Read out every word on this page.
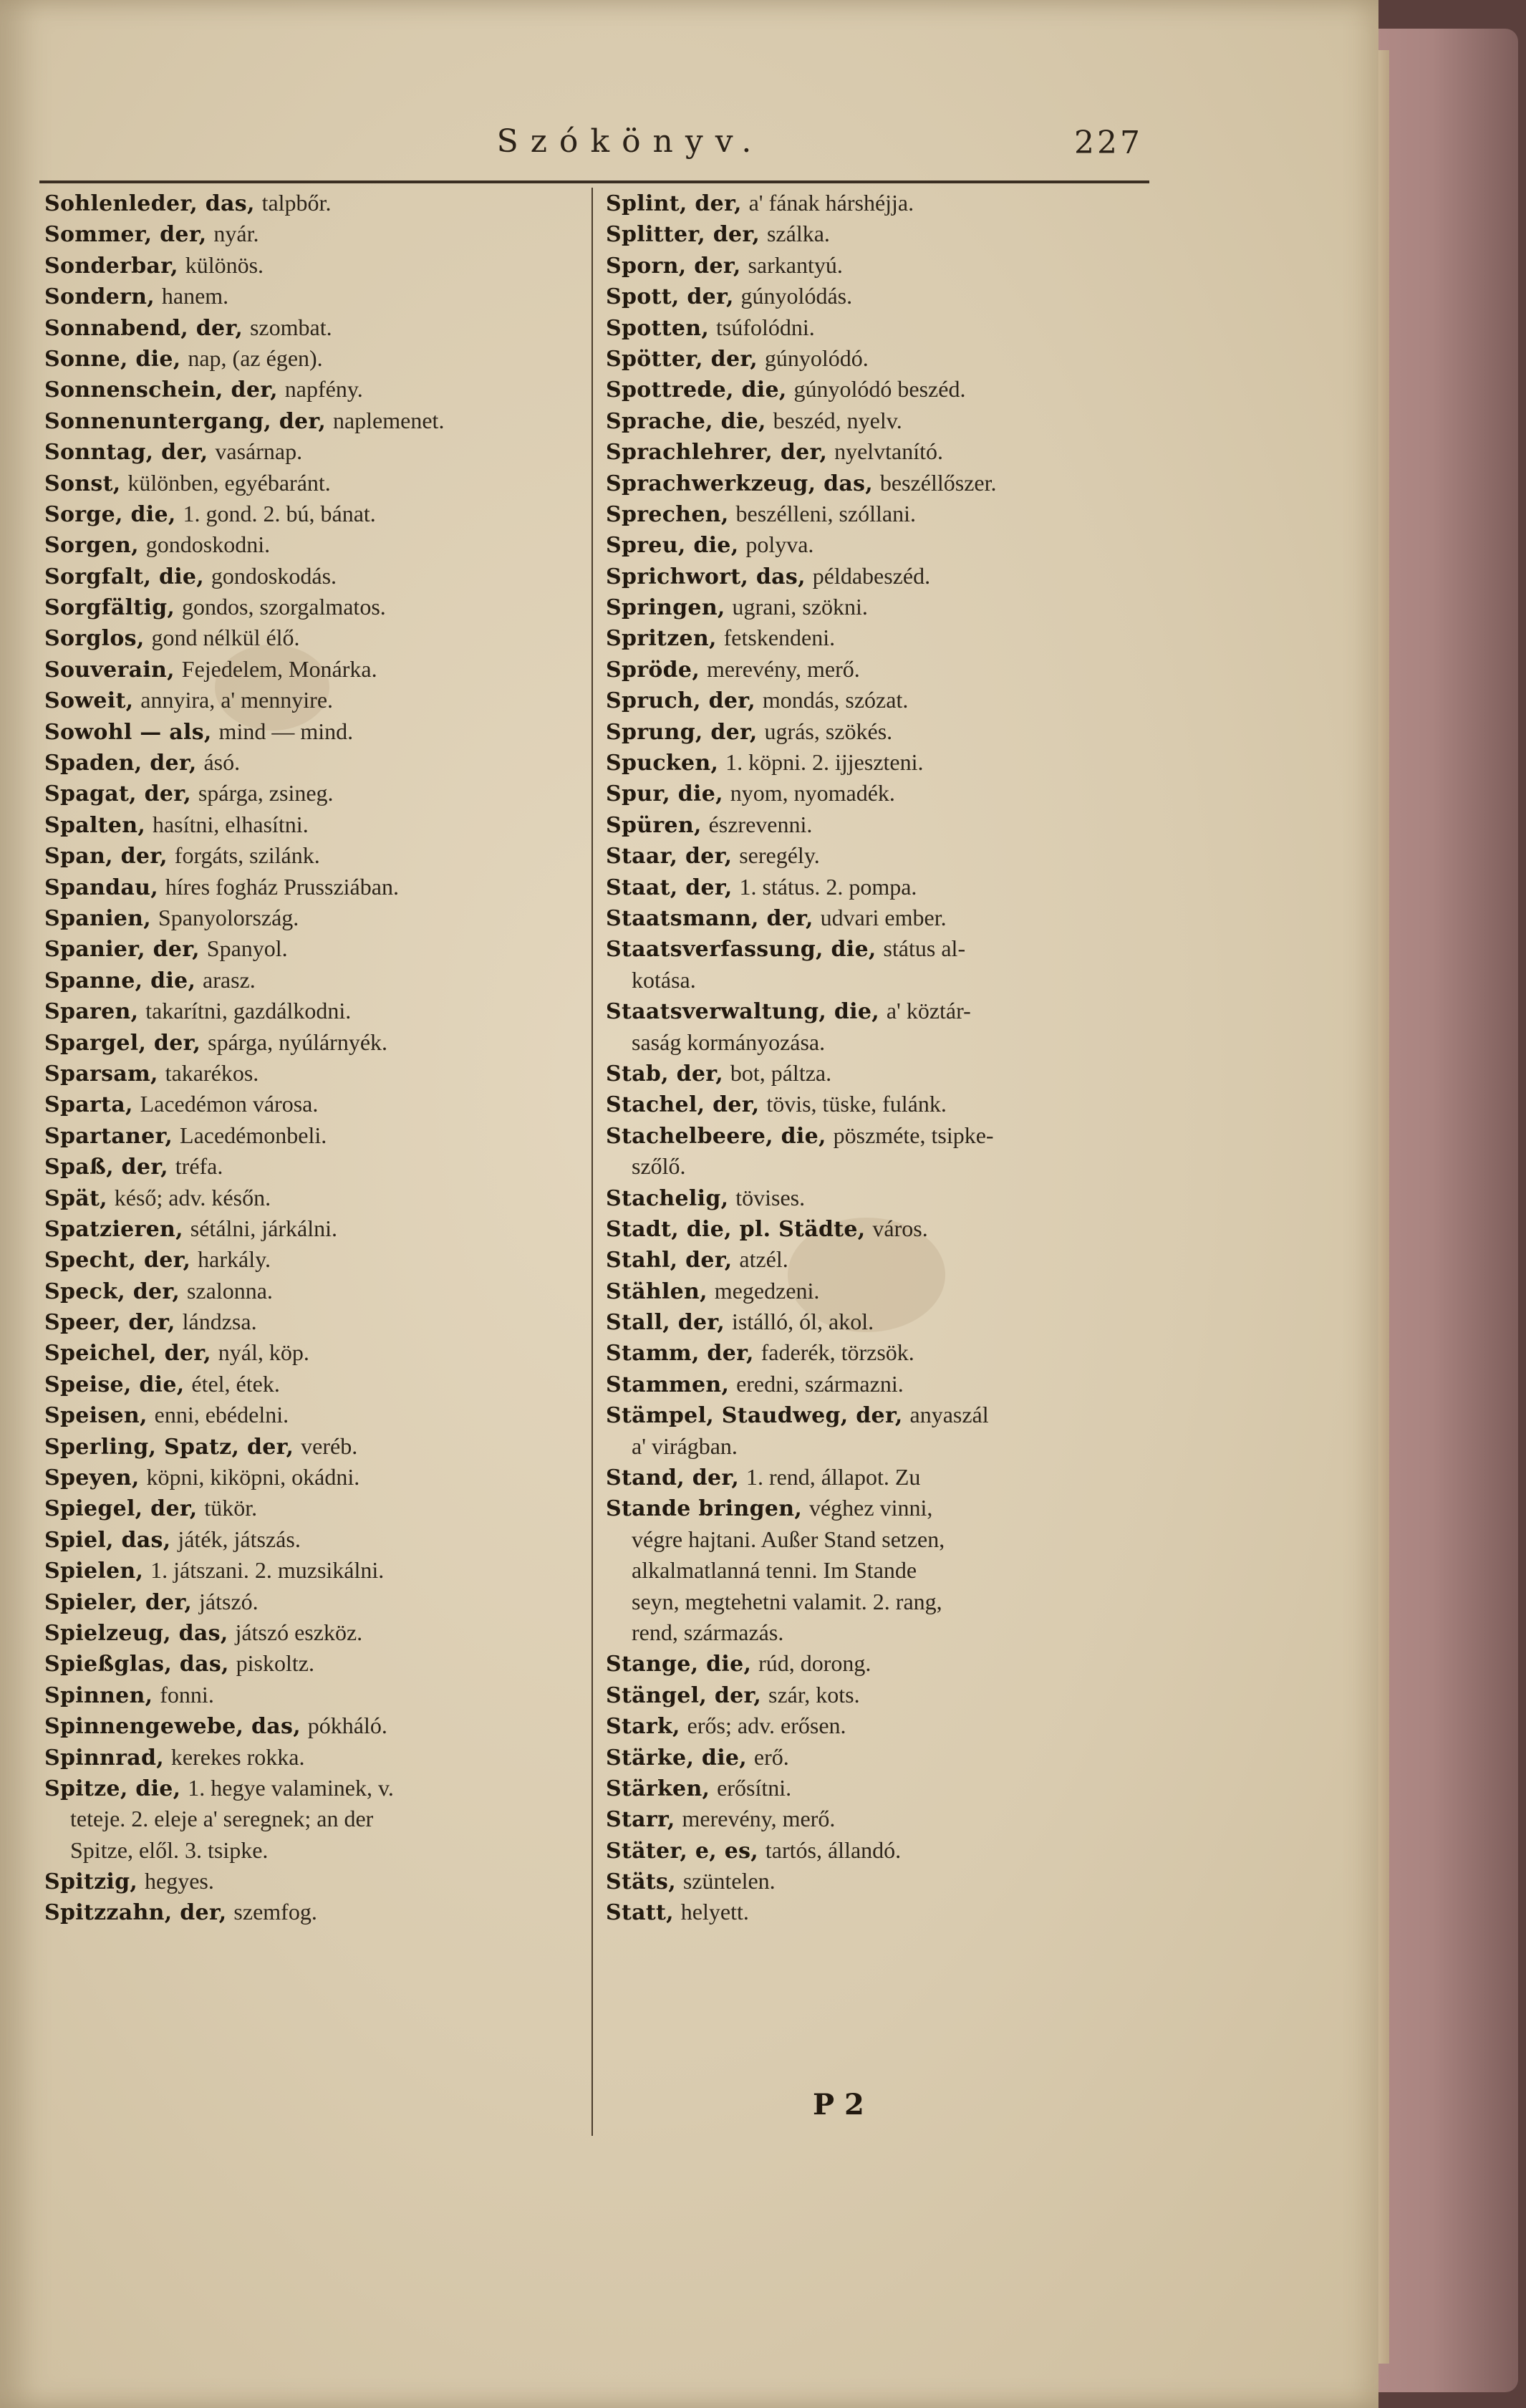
Szókönyv.	227
Sohlenleder, das, talpbőr.
Sommer, der, nyár.
Sonderbar, különös.
Sondern, hanem.
Sonnabend, der, szombat.
Sonne, die, nap, (az égen).
Sonnenschein, der, napfény.
Sonnenuntergang, der, naplemenet.
Sonntag, der, vasárnap.
Sonst, különben, egyébaránt.
Sorge, die, 1. gond. 2. bú, bánat.
Sorgen, gondoskodni.
Sorgfalt, die, gondoskodás.
Sorgfältig, gondos, szorgalmatos.
Sorglos, gond nélkül élő.
Souverain, Fejedelem, Monárka.
Soweit, annyira, a' mennyire.
Sowohl — als, mind — mind.
Spaden, der, ásó.
Spagat, der, spárga, zsineg.
Spalten, hasítni, elhasítni.
Span, der, forgáts, szilánk.
Spandau, híres fogház Prussziában.
Spanien, Spanyolország.
Spanier, der, Spanyol.
Spanne, die, arasz.
Sparen, takarítni, gazdálkodni.
Spargel, der, spárga, nyúlárnyék.
Sparsam, takarékos.
Sparta, Lacedémon városa.
Spartaner, Lacedémonbeli.
Spaß, der, tréfa.
Spät, késő; adv. későn.
Spatzieren, sétálni, járkálni.
Specht, der, harkály.
Speck, der, szalonna.
Speer, der, lándzsa.
Speichel, der, nyál, köp.
Speise, die, étel, étek.
Speisen, enni, ebédelni.
Sperling, Spatz, der, veréb.
Speyen, köpni, kiköpni, okádni.
Spiegel, der, tükör.
Spiel, das, játék, játszás.
Spielen, 1. játszani. 2. muzsikálni.
Spieler, der, játszó.
Spielzeug, das, játszó eszköz.
Spießglas, das, piskoltz.
Spinnen, fonni.
Spinnengewebe, das, pókháló.
Spinnrad, kerekes rokka.
Spitze, die, 1. hegye valaminek, v.
teteje. 2. eleje a' seregnek; an der
Spitze, elől. 3. tsipke.
Spitzig, hegyes.
Spitzzahn, der, szemfog.
Splint, der, a' fának hárshéjja.
Splitter, der, szálka.
Sporn, der, sarkantyú.
Spott, der, gúnyolódás.
Spotten, tsúfolódni.
Spötter, der, gúnyolódó.
Spottrede, die, gúnyolódó beszéd.
Sprache, die, beszéd, nyelv.
Sprachlehrer, der, nyelvtanító.
Sprachwerkzeug, das, beszéllőszer.
Sprechen, beszélleni, szóllani.
Spreu, die, polyva.
Sprichwort, das, példabeszéd.
Springen, ugrani, szökni.
Spritzen, fetskendeni.
Spröde, merevény, merő.
Spruch, der, mondás, szózat.
Sprung, der, ugrás, szökés.
Spucken, 1. köpni. 2. ijjeszteni.
Spur, die, nyom, nyomadék.
Spüren, észrevenni.
Staar, der, seregély.
Staat, der, 1. státus. 2. pompa.
Staatsmann, der, udvari ember.
Staatsverfassung, die, státus al-
kotása.
Staatsverwaltung, die, a' köztár-
saság kormányozása.
Stab, der, bot, páltza.
Stachel, der, tövis, tüske, fulánk.
Stachelbeere, die, pöszméte, tsipke-
szőlő.
Stachelig, tövises.
Stadt, die, pl. Städte, város.
Stahl, der, atzél.
Stählen, megedzeni.
Stall, der, istálló, ól, akol.
Stamm, der, faderék, törzsök.
Stammen, eredni, származni.
Stämpel, Staudweg, der, anyaszál
a' virágban.
Stand, der, 1. rend, állapot. Zu
Stande bringen, véghez vinni,
végre hajtani. Außer Stand setzen,
alkalmatlanná tenni. Im Stande
seyn, megtehetni valamit. 2. rang,
rend, származás.
Stange, die, rúd, dorong.
Stängel, der, szár, kots.
Stark, erős; adv. erősen.
Stärke, die, erő.
Stärken, erősítni.
Starr, merevény, merő.
Stäter, e, es, tartós, állandó.
Stäts, szüntelen.
Statt, helyett.
P 2
